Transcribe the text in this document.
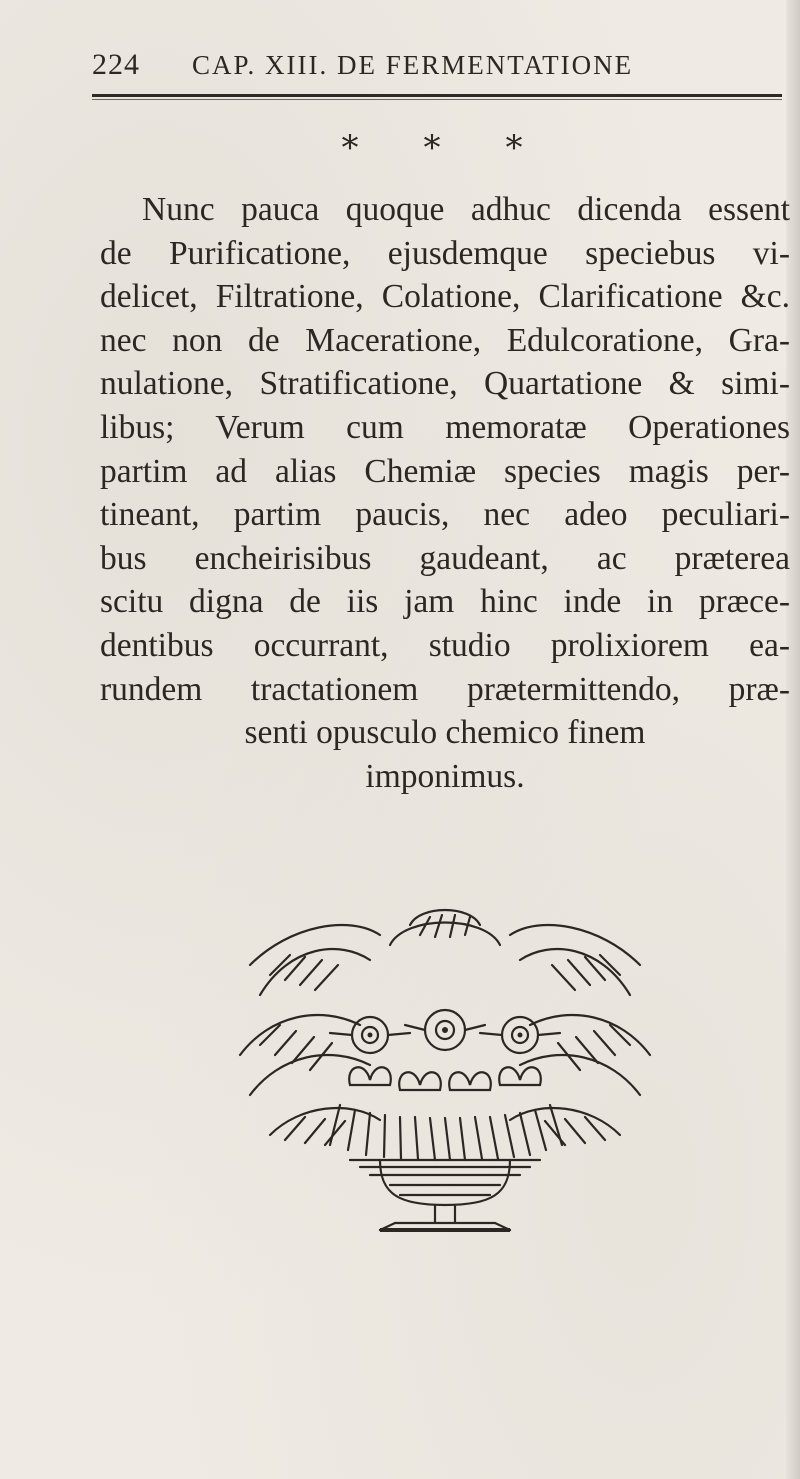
224 CAP. XIII. DE FERMENTATIONE
*	*	*
Nunc pauca quoque adhuc dicenda essent
de Purificatione, ejusdemque speciebus vi-
delicet, Filtratione, Colatione, Clarificatione &c.
nec non de Maceratione, Edulcoratione, Gra-
nulatione, Stratificatione, Quartatione & simi-
libus; Verum cum memoratæ Operationes
partim ad alias Chemiæ species magis per-
tineant, partim paucis, nec adeo peculiari-
bus encheirisibus gaudeant, ac præterea
scitu digna de iis jam hinc inde in præce-
dentibus occurrant, studio prolixiorem ea-
rundem tractationem prætermittendo, præ-
senti opusculo chemico finem
imponimus.
